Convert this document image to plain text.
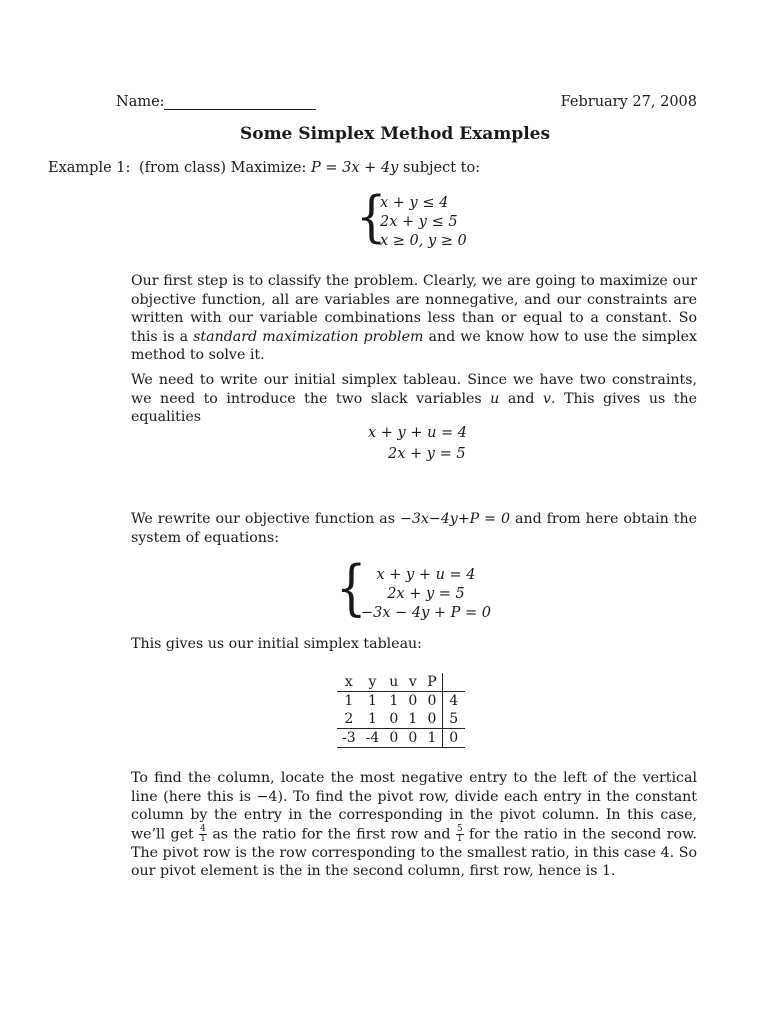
Name:	February 27, 2008
Some Simplex Method Examples
Example 1: (from class) Maximize: P = 3x + 4y subject to:
{
x + y ≤ 4
2x + y ≤ 5
x ≥ 0, y ≥ 0

Our first step is to classify the problem. Clearly, we are going to maximize our objective function, all are variables are nonnegative, and our constraints are written with our variable combinations less than or equal to a constant. So this is a standard maximization problem and we know how to use the simplex method to solve it.

We need to write our initial simplex tableau. Since we have two constraints, we need to introduce the two slack variables u and v. This gives us the equalities

x + y + u = 4
2x + y = 5

We rewrite our objective function as −3x−4y+P = 0 and from here obtain the system of equations:

{ x + y + u = 4
2x + y = 5
−3x − 4y + P = 0
This gives us our initial simplex tableau:
x	y	u	v	P	
1	1	1	0	0	4
2	1	0	1	0	5
-3	-4	0	0	1	0

To find the column, locate the most negative entry to the left of the vertical line (here this is −4). To find the pivot row, divide each entry in the constant column by the entry in the corresponding in the pivot column. In this case, we’ll get $\frac{4}{1}$ as the ratio for the first row and $\frac{5}{1}$ for the ratio in the second row. The pivot row is the row corresponding to the smallest ratio, in this case 4. So our pivot element is the in the second column, first row, hence is 1.
